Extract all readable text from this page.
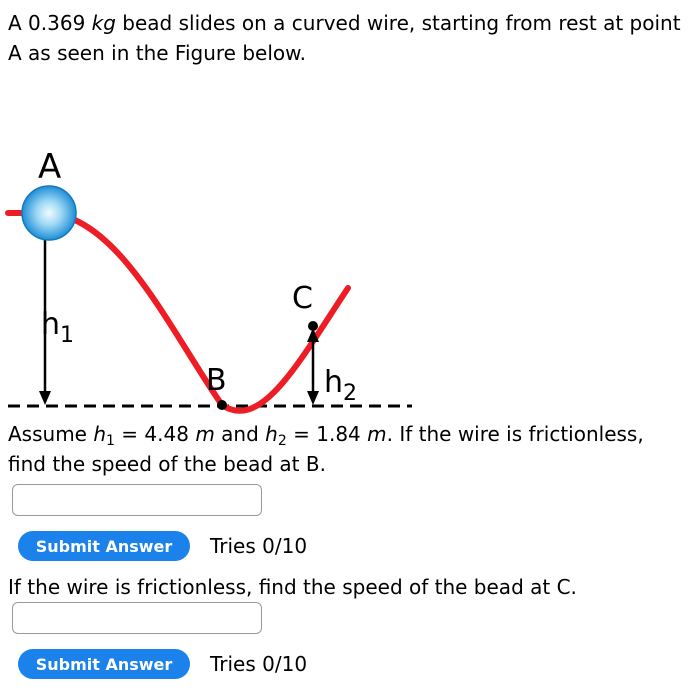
A 0.369 kg bead slides on a curved wire, starting from rest at point A as seen in the Figure below.
A
B
C
$h_1$
$h_2$
Assume $h_1 = 4.48$ m and $h_2 = 1.84$ m. If the wire is frictionless, find the speed of the bead at B.
Submit Answer	Tries 0/10
If the wire is frictionless, find the speed of the bead at C.
Submit Answer	Tries 0/10
